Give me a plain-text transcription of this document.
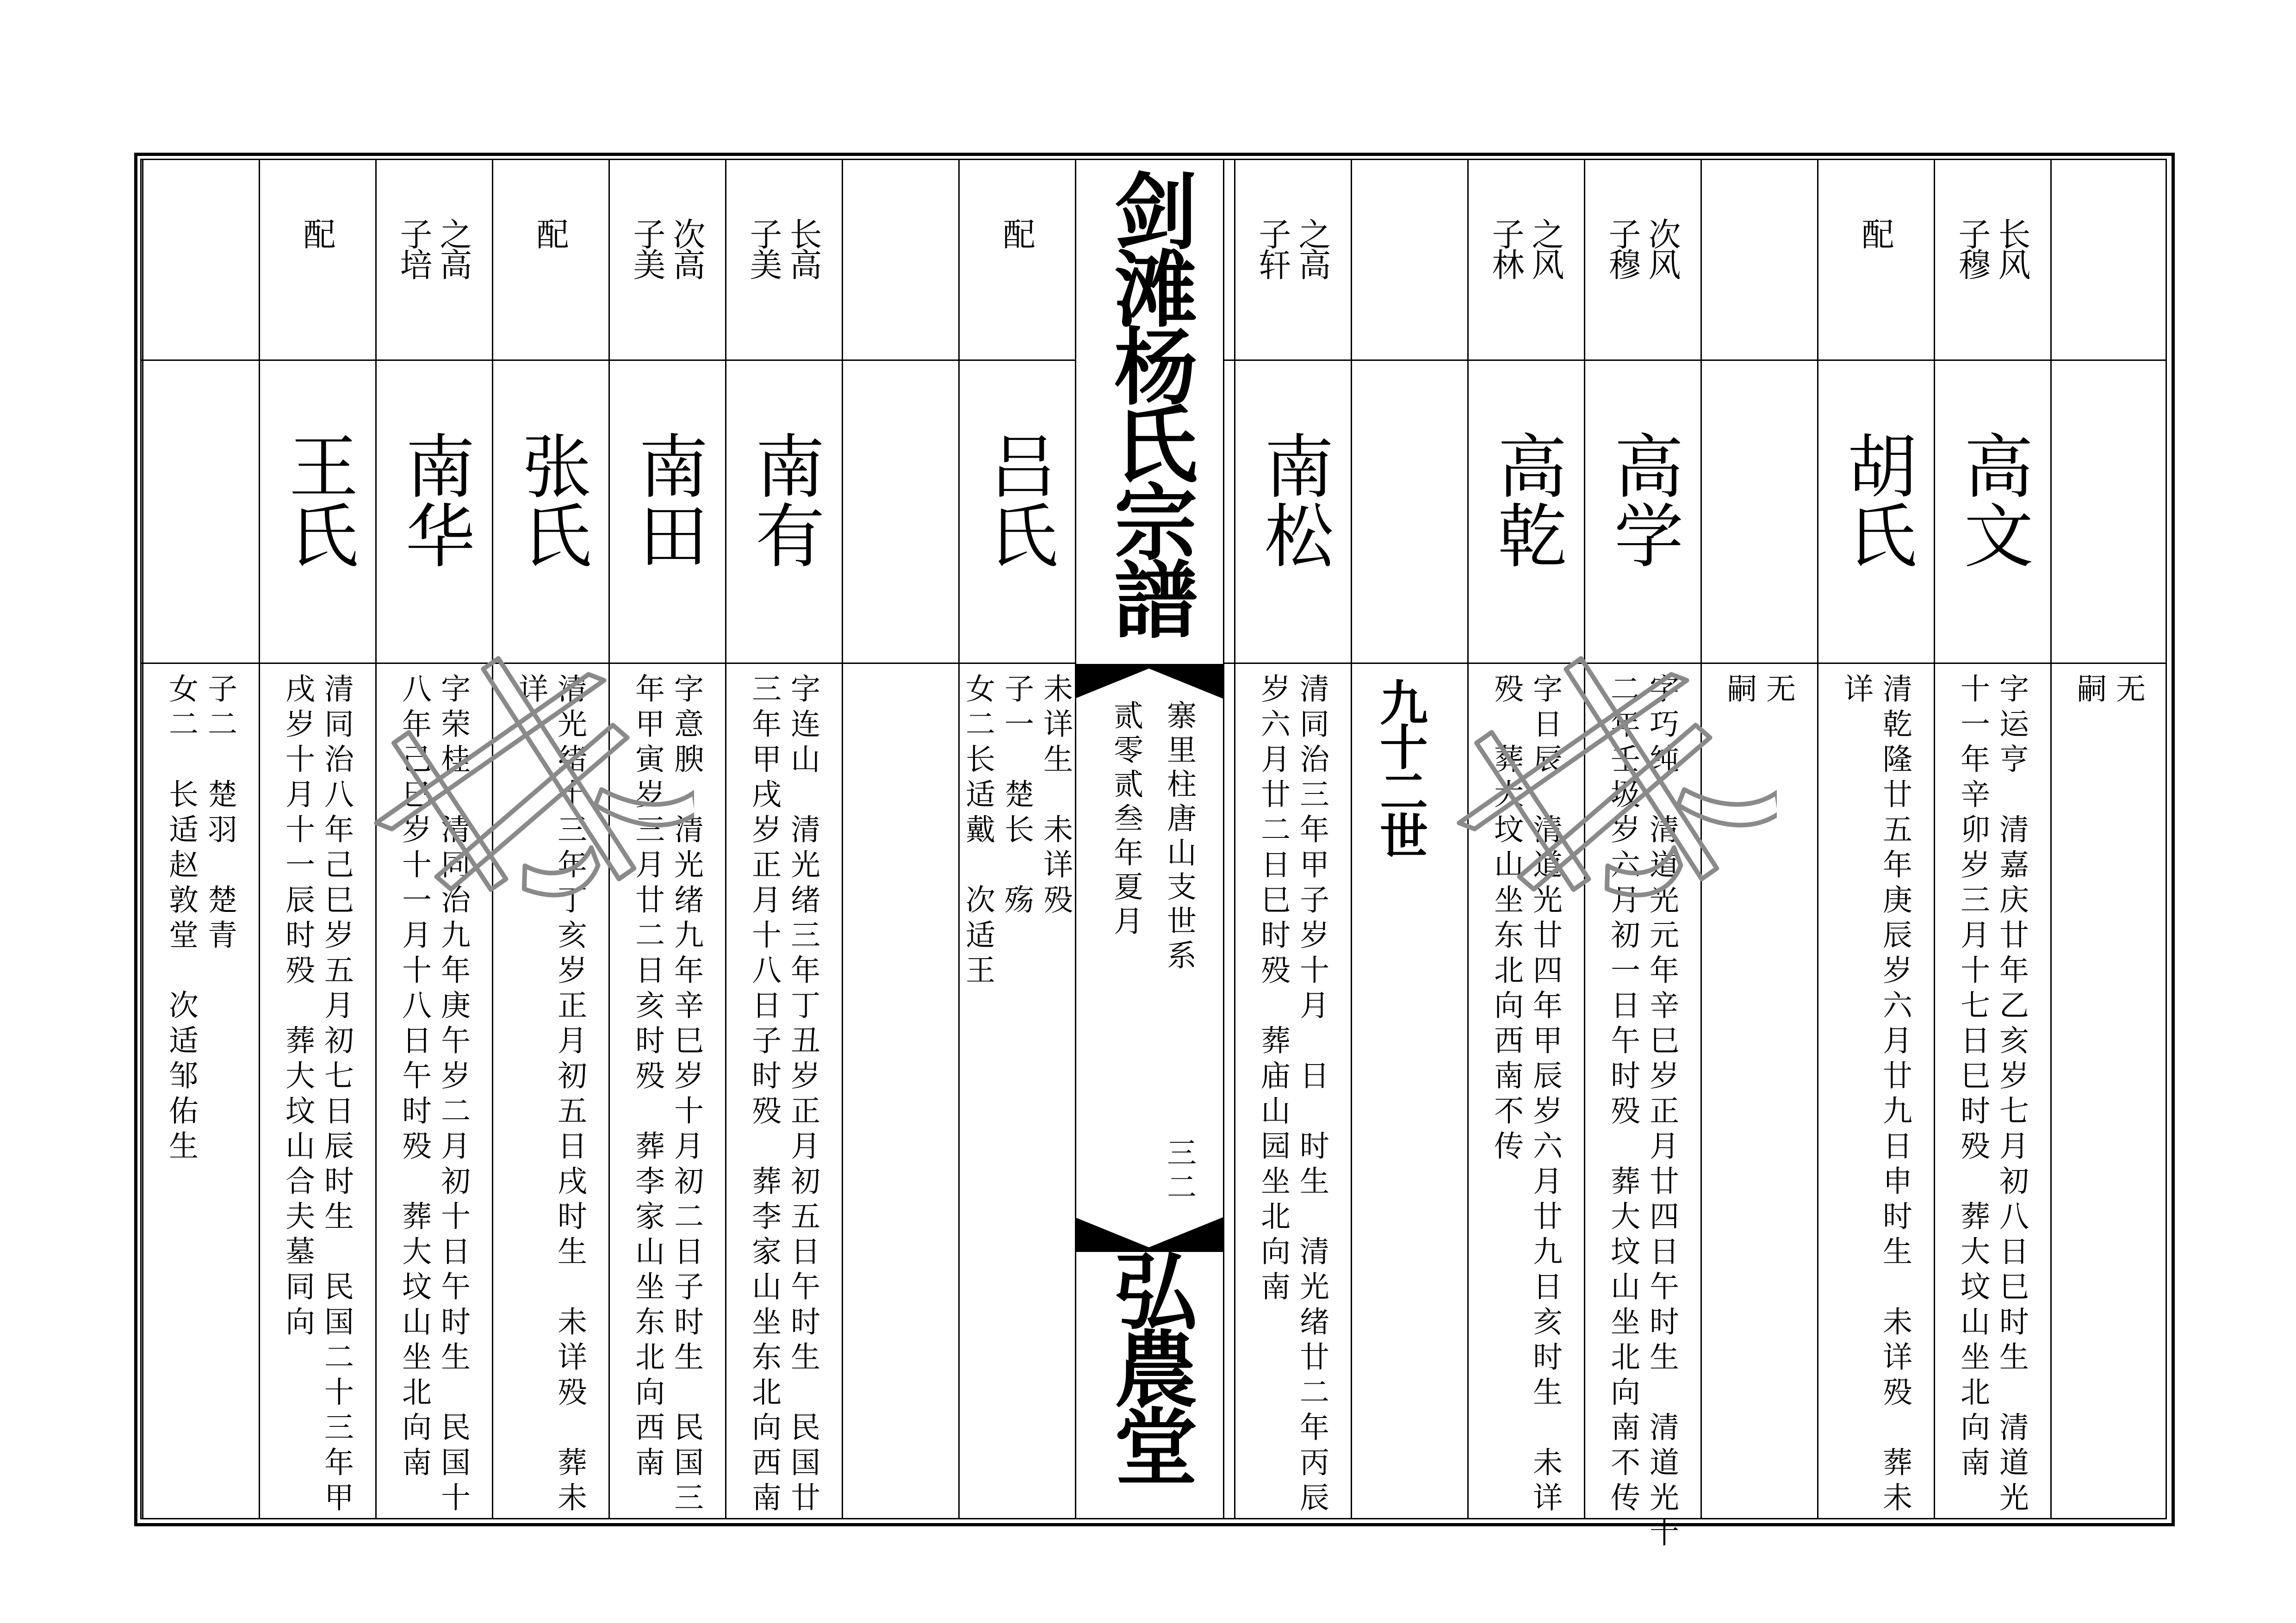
无
嗣
长风
子穆
高文
字运亨　清嘉庆廿年乙亥岁七月初八日巳时生　清道光
十一年辛卯岁三月十七日巳时殁　葬大坟山坐北向南
配
胡氏
清乾隆廿五年庚辰岁六月廿九日申时生　未详殁　葬未
详
无
嗣
次风
子穆
高学
字巧纯　清道光元年辛巳岁正月廿四日午时生　清道光十
二年壬圾岁六月初一日午时殁　葬大坟山坐北向南不传
之风
子林
高乾
字日辰　清道光廿四年甲辰岁六月廿九日亥时生　未详
殁　葬大坟山坐东北向西南不传
之高
子轩
南松
清同治三年甲子岁十月　日　时生　清光绪廿二年丙辰
岁六月廿二日巳时殁　葬庙山园坐北向南
配
吕氏
未详生　未详殁
子一　楚长　殇
女二长适戴　次适王
长高
子美
南有
字连山　清光绪三年丁丑岁正月初五日午时生　民国廿
三年甲戌岁正月十八日子时殁　葬李家山坐东北向西南
次高
子美
南田
字意腴　清光绪九年辛巳岁十月初二日子时生　民国三
年甲寅岁三月廿二日亥时殁　葬李家山坐东北向西南
配
张氏
清光绪十三年丁亥岁正月初五日戌时生　未详殁　葬未
详
之高
子培
南华
字荣桂　清同治九年庚午岁二月初十日午时生　民国十
八年己巳岁十一月十八日午时殁　葬大坟山坐北向南
配
王氏
清同治八年己巳岁五月初七日辰时生　民国二十三年甲
戌岁十月十一辰时殁　葬大坟山合夫墓同向
子二　楚羽　楚青
女二　长适赵敦堂　次适邹佑生
九十二世
剑滩杨氏宗譜
寨里柱唐山支世系
贰零贰叁年夏月
三二
弘農堂
